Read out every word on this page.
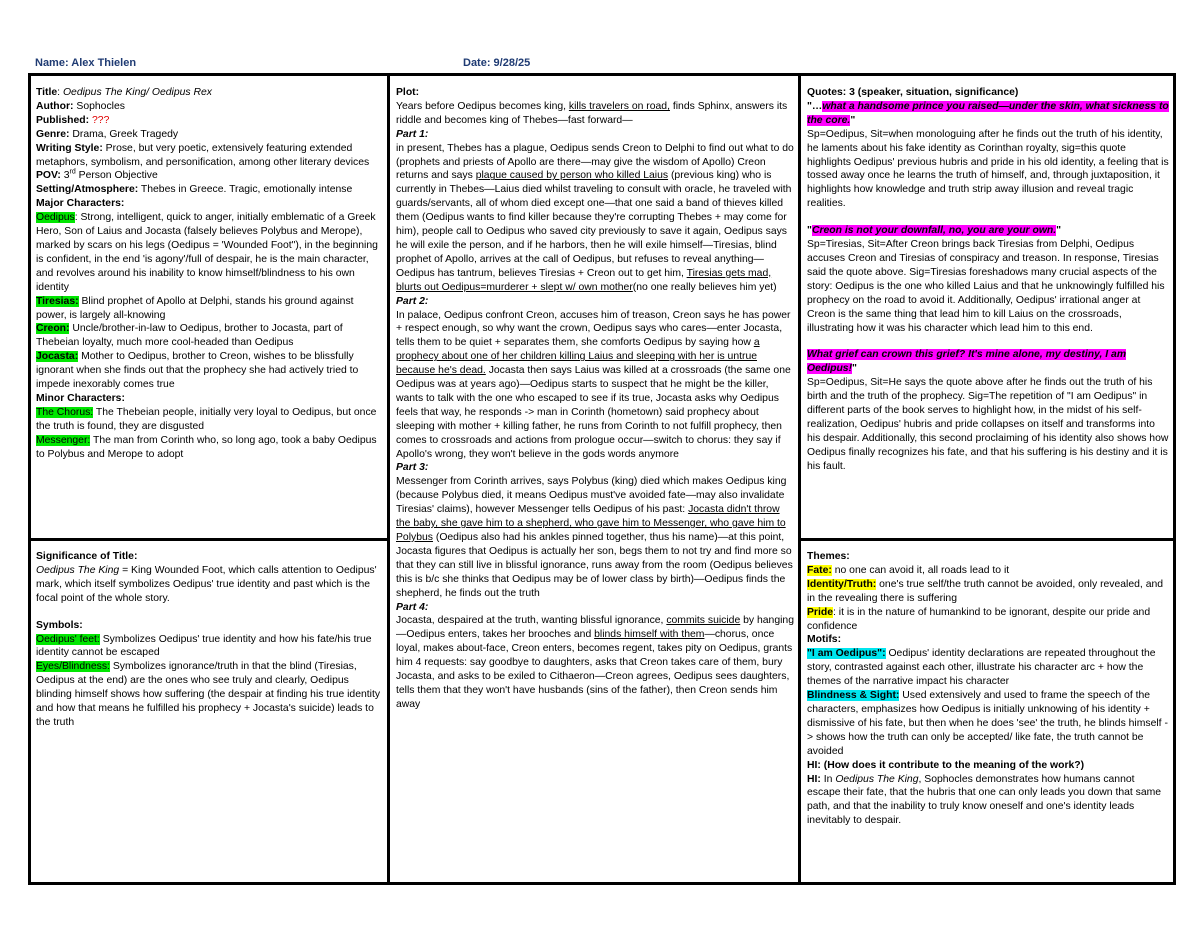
Name: Alex Thielen	Date: 9/28/25

Title: Oedipus The King/ Oedipus Rex

Author: Sophocles

Published: ???

Genre: Drama, Greek Tragedy

Writing Style: Prose, but very poetic, extensively featuring extended metaphors, symbolism, and personification, among other literary devices

POV: 3rd Person Objective

Setting/Atmosphere: Thebes in Greece. Tragic, emotionally intense

Major Characters:

Oedipus: Strong, intelligent, quick to anger, initially emblematic of a Greek Hero, Son of Laius and Jocasta (falsely believes Polybus and Merope), marked by scars on his legs (Oedipus = 'Wounded Foot"), in the beginning is confident, in the end 'is agony'/full of despair, he is the main character, and revolves around his inability to know himself/blindness to his own identity

Tiresias: Blind prophet of Apollo at Delphi, stands his ground against power, is largely all-knowing

Creon: Uncle/brother-in-law to Oedipus, brother to Jocasta, part of Thebeian loyalty, much more cool-headed than Oedipus

Jocasta: Mother to Oedipus, brother to Creon, wishes to be blissfully ignorant when she finds out that the prophecy she had actively tried to impede inexorably comes true

Minor Characters:

The Chorus: The Thebeian people, initially very loyal to Oedipus, but once the truth is found, they are disgusted

Messenger: The man from Corinth who, so long ago, took a baby Oedipus to Polybus and Merope to adopt

Significance of Title:

Oedipus The King = King Wounded Foot, which calls attention to Oedipus' mark, which itself symbolizes Oedipus' true identity and past which is the focal point of the whole story.

Symbols:

Oedipus' feet: Symbolizes Oedipus' true identity and how his fate/his true identity cannot be escaped

Eyes/Blindness: Symbolizes ignorance/truth in that the blind (Tiresias, Oedipus at the end) are the ones who see truly and clearly, Oedipus blinding himself shows how suffering (the despair at finding his true identity and how that means he fulfilled his prophecy + Jocasta's suicide) leads to the truth

Plot:

Years before Oedipus becomes king, kills travelers on road, finds Sphinx, answers its riddle and becomes king of Thebes—fast forward—

Part 1:

in present, Thebes has a plague, Oedipus sends Creon to Delphi to find out what to do (prophets and priests of Apollo are there—may give the wisdom of Apollo) Creon returns and says plague caused by person who killed Laius (previous king) who is currently in Thebes—Laius died whilst traveling to consult with oracle, he traveled with guards/servants, all of whom died except one—that one said a band of thieves killed them (Oedipus wants to find killer because they're corrupting Thebes + may come for him), people call to Oedipus who saved city previously to save it again, Oedipus says he will exile the person, and if he harbors, then he will exile himself—Tiresias, blind prophet of Apollo, arrives at the call of Oedipus, but refuses to reveal anything—Oedipus has tantrum, believes Tiresias + Creon out to get him, Tiresias gets mad, blurts out Oedipus=murderer + slept w/ own mother(no one really believes him yet)

Part 2:

In palace, Oedipus confront Creon, accuses him of treason, Creon says he has power + respect enough, so why want the crown, Oedipus says who cares—enter Jocasta, tells them to be quiet + separates them, she comforts Oedipus by saying how a prophecy about one of her children killing Laius and sleeping with her is untrue because he's dead. Jocasta then says Laius was killed at a crossroads (the same one Oedipus was at years ago)—Oedipus starts to suspect that he might be the killer, wants to talk with the one who escaped to see if its true, Jocasta asks why Oedipus feels that way, he responds -> man in Corinth (hometown) said prophecy about sleeping with mother + killing father, he runs from Corinth to not fulfill prophecy, then comes to crossroads and actions from prologue occur—switch to chorus: they say if Apollo's wrong, they won't believe in the gods words anymore

Part 3:

Messenger from Corinth arrives, says Polybus (king) died which makes Oedipus king (because Polybus died, it means Oedipus must've avoided fate—may also invalidate Tiresias' claims), however Messenger tells Oedipus of his past: Jocasta didn't throw the baby, she gave him to a shepherd, who gave him to Messenger, who gave him to Polybus (Oedipus also had his ankles pinned together, thus his name)—at this point, Jocasta figures that Oedipus is actually her son, begs them to not try and find more so that they can still live in blissful ignorance, runs away from the room (Oedipus believes this is b/c she thinks that Oedipus may be of lower class by birth)—Oedipus finds the shepherd, he finds out the truth

Part 4:

Jocasta, despaired at the truth, wanting blissful ignorance, commits suicide by hanging—Oedipus enters, takes her brooches and blinds himself with them—chorus, once loyal, makes about-face, Creon enters, becomes regent, takes pity on Oedipus, grants him 4 requests: say goodbye to daughters, asks that Creon takes care of them, bury Jocasta, and asks to be exiled to Cithaeron—Creon agrees, Oedipus sees daughters, tells them that they won't have husbands (sins of the father), then Creon sends him away

Quotes: 3 (speaker, situation, significance)

"…what a handsome prince you raised—under the skin, what sickness to the core."

Sp=Oedipus, Sit=when monologuing after he finds out the truth of his identity, he laments about his fake identity as Corinthan royalty, sig=this quote highlights Oedipus' previous hubris and pride in his old identity, a feeling that is tossed away once he learns the truth of himself, and, through juxtaposition, it highlights how knowledge and truth strip away illusion and reveal tragic realities.

"Creon is not your downfall, no, you are your own."

Sp=Tiresias, Sit=After Creon brings back Tiresias from Delphi, Oedipus accuses Creon and Tiresias of conspiracy and treason. In response, Tiresias said the quote above. Sig=Tiresias foreshadows many crucial aspects of the story: Oedipus is the one who killed Laius and that he unknowingly fulfilled his prophecy on the road to avoid it. Additionally, Oedipus' irrational anger at Creon is the same thing that lead him to kill Laius on the crossroads, illustrating how it was his character which lead him to this end.

What grief can crown this grief? It's mine alone, my destiny, I am Oedipus!"

Sp=Oedipus, Sit=He says the quote above after he finds out the truth of his birth and the truth of the prophecy. Sig=The repetition of "I am Oedipus" in different parts of the book serves to highlight how, in the midst of his self-realization, Oedipus' hubris and pride collapses on itself and transforms into his despair. Additionally, this second proclaiming of his identity also shows how Oedipus finally recognizes his fate, and that his suffering is his destiny and it is his fault.

Themes:

Fate: no one can avoid it, all roads lead to it

Identity/Truth: one's true self/the truth cannot be avoided, only revealed, and in the revealing there is suffering

Pride: it is in the nature of humankind to be ignorant, despite our pride and confidence

Motifs:

"I am Oedipus": Oedipus' identity declarations are repeated throughout the story, contrasted against each other, illustrate his character arc + how the themes of the narrative impact his character

Blindness & Sight: Used extensively and used to frame the speech of the characters, emphasizes how Oedipus is initially unknowing of his identity + dismissive of his fate, but then when he does 'see' the truth, he blinds himself -> shows how the truth can only be accepted/ like fate, the truth cannot be avoided

HI: (How does it contribute to the meaning of the work?)

HI: In Oedipus The King, Sophocles demonstrates how humans cannot escape their fate, that the hubris that one can only leads you down that same path, and that the inability to truly know oneself and one's identity leads inevitably to despair.
